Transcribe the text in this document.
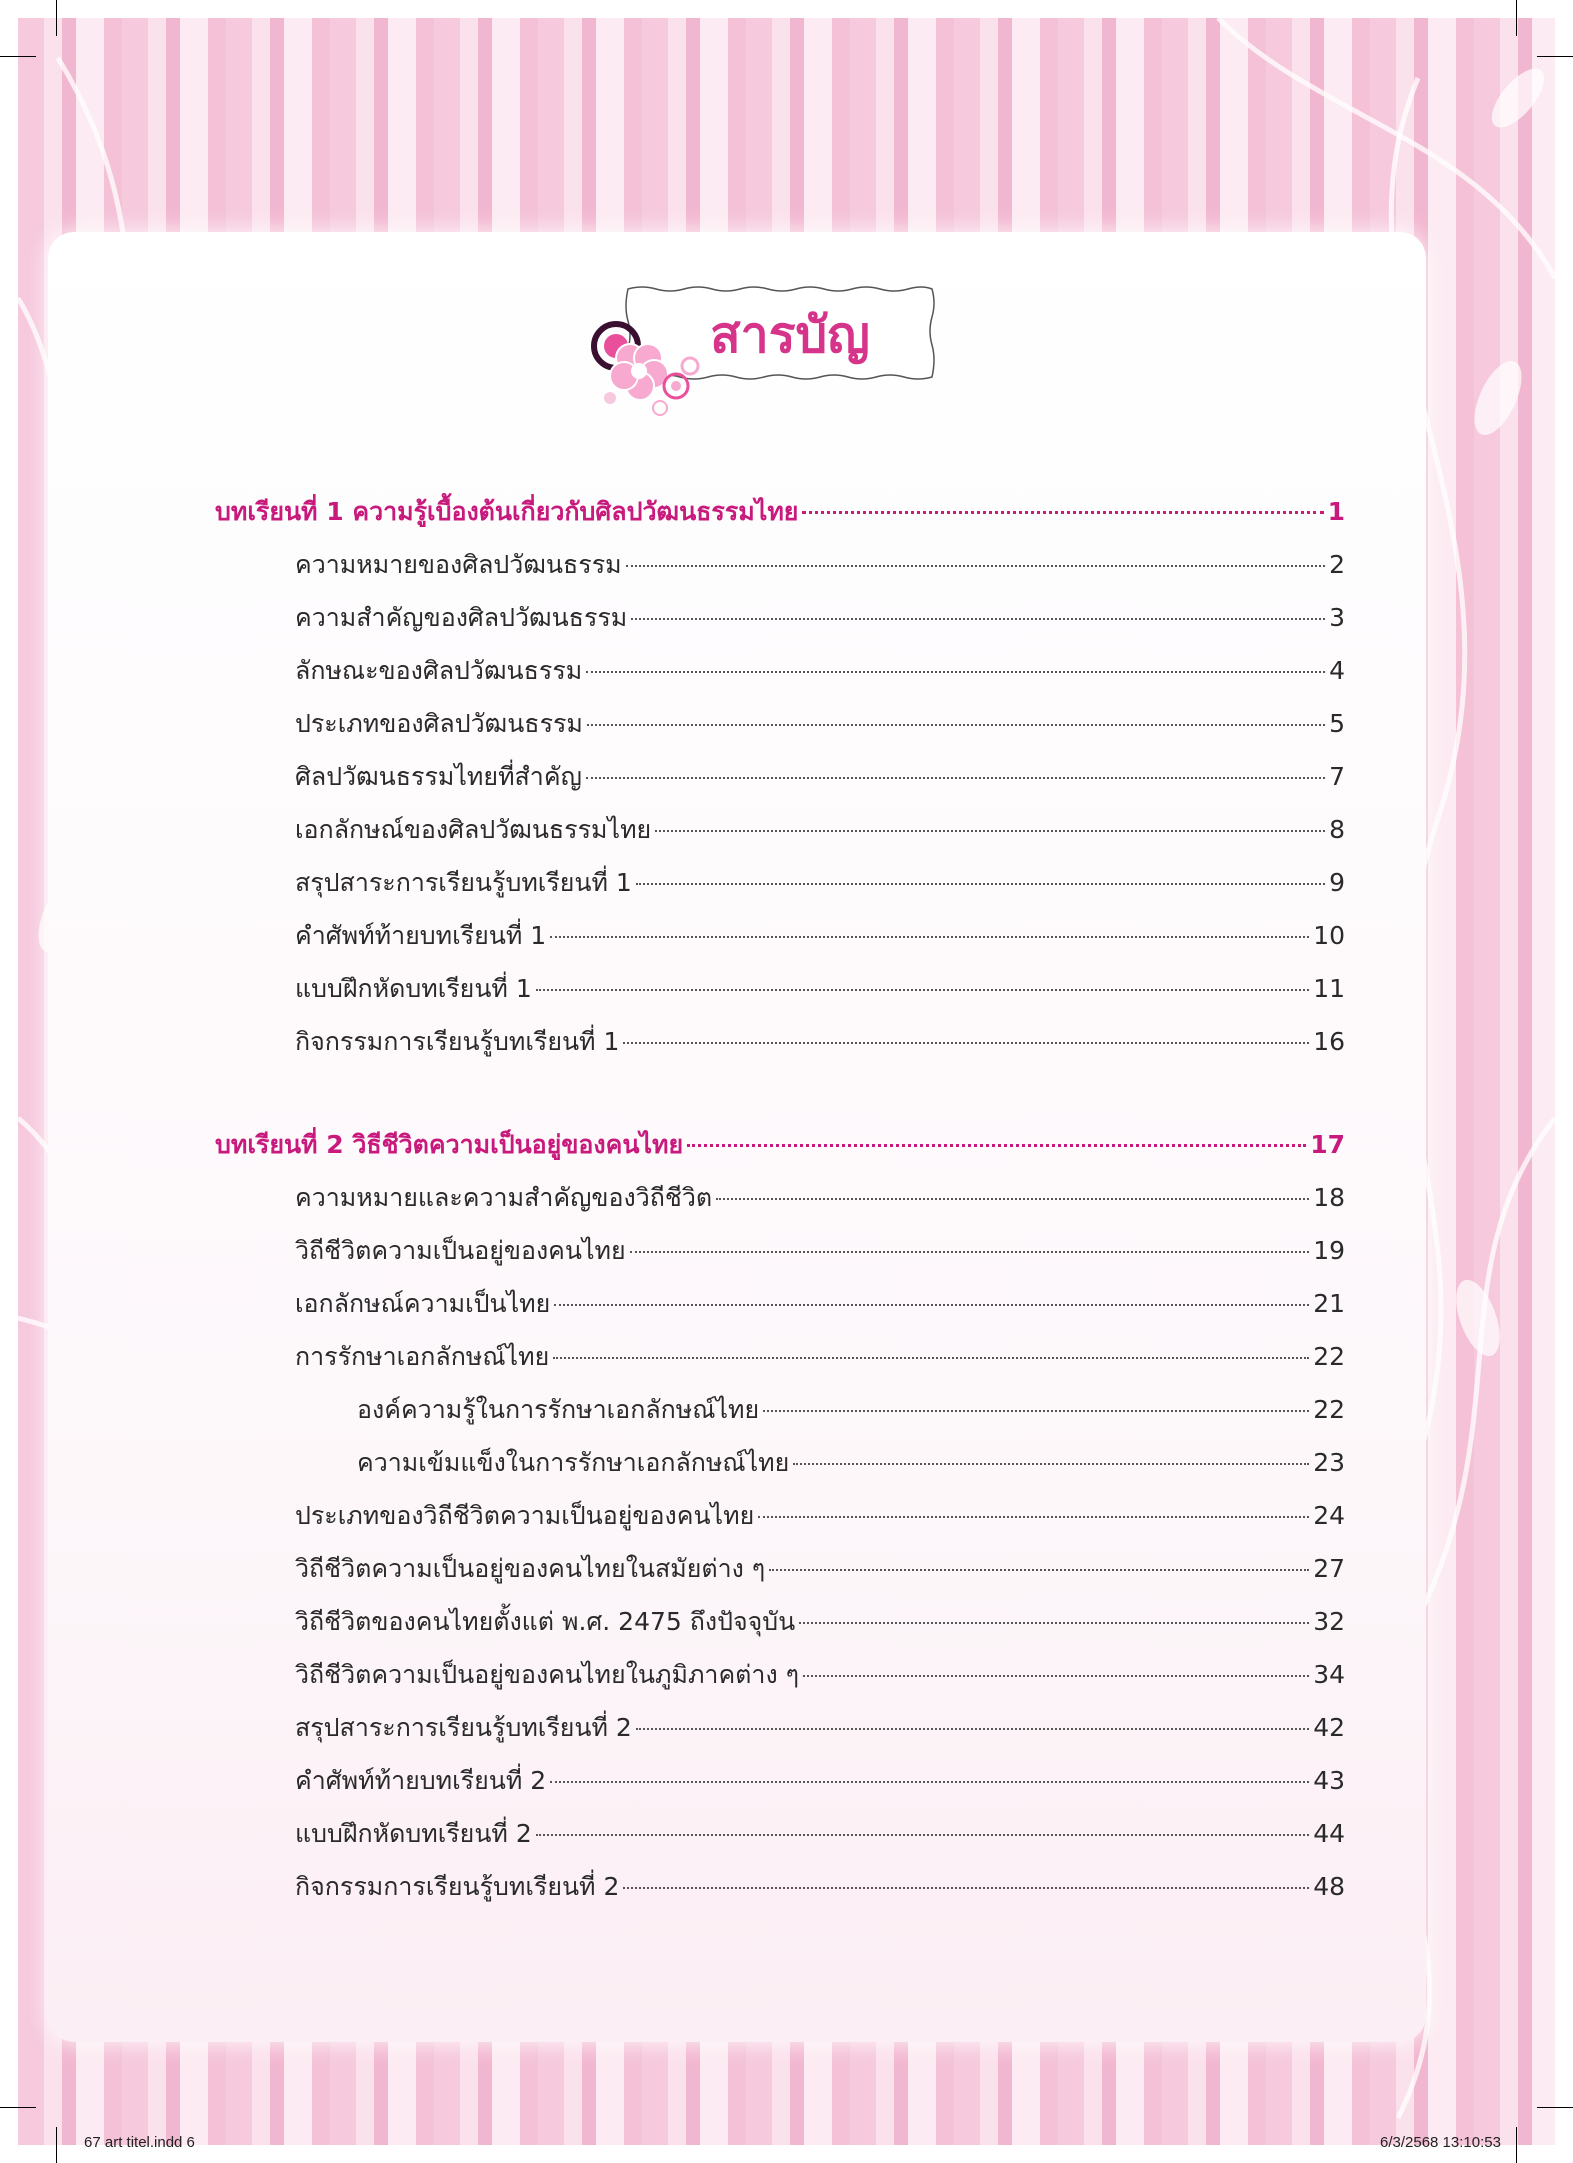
สารบัญ
บทเรียนที่ 1 ความรู้เบื้องต้นเกี่ยวกับศิลปวัฒนธรรมไทย	1
ความหมายของศิลปวัฒนธรรม	2
ความสำคัญของศิลปวัฒนธรรม	3
ลักษณะของศิลปวัฒนธรรม	4
ประเภทของศิลปวัฒนธรรม	5
ศิลปวัฒนธรรมไทยที่สำคัญ	7
เอกลักษณ์ของศิลปวัฒนธรรมไทย	8
สรุปสาระการเรียนรู้บทเรียนที่ 1	9
คำศัพท์ท้ายบทเรียนที่ 1	10
แบบฝึกหัดบทเรียนที่ 1	11
กิจกรรมการเรียนรู้บทเรียนที่ 1	16
บทเรียนที่ 2 วิธีชีวิตความเป็นอยู่ของคนไทย	17
ความหมายและความสำคัญของวิถีชีวิต	18
วิถีชีวิตความเป็นอยู่ของคนไทย	19
เอกลักษณ์ความเป็นไทย	21
การรักษาเอกลักษณ์ไทย	22
องค์ความรู้ในการรักษาเอกลักษณ์ไทย	22
ความเข้มแข็งในการรักษาเอกลักษณ์ไทย	23
ประเภทของวิถีชีวิตความเป็นอยู่ของคนไทย	24
วิถีชีวิตความเป็นอยู่ของคนไทยในสมัยต่าง ๆ	27
วิถีชีวิตของคนไทยตั้งแต่ พ.ศ. 2475 ถึงปัจจุบัน	32
วิถีชีวิตความเป็นอยู่ของคนไทยในภูมิภาคต่าง ๆ	34
สรุปสาระการเรียนรู้บทเรียนที่ 2	42
คำศัพท์ท้ายบทเรียนที่ 2	43
แบบฝึกหัดบทเรียนที่ 2	44
กิจกรรมการเรียนรู้บทเรียนที่ 2	48
67 art titel.indd 6	6/3/2568 13:10:53
